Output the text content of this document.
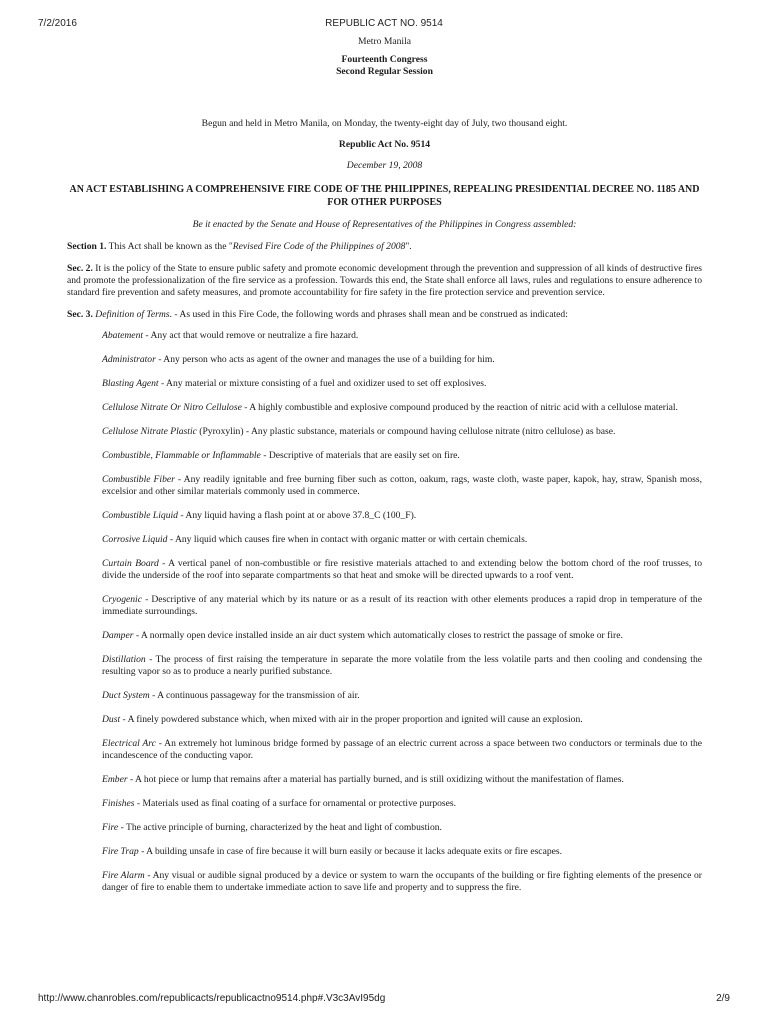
7/2/2016	REPUBLIC ACT NO. 9514

Metro Manila

Fourteenth Congress

Second Regular Session

Begun and held in Metro Manila, on Monday, the twenty-eight day of July, two thousand eight.

Republic Act No. 9514

December 19, 2008

AN ACT ESTABLISHING A COMPREHENSIVE FIRE CODE OF THE PHILIPPINES, REPEALING PRESIDENTIAL DECREE NO. 1185 AND FOR OTHER PURPOSES

Be it enacted by the Senate and House of Representatives of the Philippines in Congress assembled:

Section 1. This Act shall be known as the "Revised Fire Code of the Philippines of 2008".

Sec. 2. It is the policy of the State to ensure public safety and promote economic development through the prevention and suppression of all kinds of destructive fires and promote the professionalization of the fire service as a profession. Towards this end, the State shall enforce all laws, rules and regulations to ensure adherence to standard fire prevention and safety measures, and promote accountability for fire safety in the fire protection service and prevention service.

Sec. 3. Definition of Terms. - As used in this Fire Code, the following words and phrases shall mean and be construed as indicated:

Abatement - Any act that would remove or neutralize a fire hazard.

Administrator - Any person who acts as agent of the owner and manages the use of a building for him.

Blasting Agent - Any material or mixture consisting of a fuel and oxidizer used to set off explosives.

Cellulose Nitrate Or Nitro Cellulose - A highly combustible and explosive compound produced by the reaction of nitric acid with a cellulose material.

Cellulose Nitrate Plastic (Pyroxylin) - Any plastic substance, materials or compound having cellulose nitrate (nitro cellulose) as base.

Combustible, Flammable or Inflammable - Descriptive of materials that are easily set on fire.

Combustible Fiber - Any readily ignitable and free burning fiber such as cotton, oakum, rags, waste cloth, waste paper, kapok, hay, straw, Spanish moss, excelsior and other similar materials commonly used in commerce.

Combustible Liquid - Any liquid having a flash point at or above 37.8_C (100_F).

Corrosive Liquid - Any liquid which causes fire when in contact with organic matter or with certain chemicals.

Curtain Board - A vertical panel of non-combustible or fire resistive materials attached to and extending below the bottom chord of the roof trusses, to divide the underside of the roof into separate compartments so that heat and smoke will be directed upwards to a roof vent.

Cryogenic - Descriptive of any material which by its nature or as a result of its reaction with other elements produces a rapid drop in temperature of the immediate surroundings.

Damper - A normally open device installed inside an air duct system which automatically closes to restrict the passage of smoke or fire.

Distillation - The process of first raising the temperature in separate the more volatile from the less volatile parts and then cooling and condensing the resulting vapor so as to produce a nearly purified substance.

Duct System - A continuous passageway for the transmission of air.

Dust - A finely powdered substance which, when mixed with air in the proper proportion and ignited will cause an explosion.

Electrical Arc - An extremely hot luminous bridge formed by passage of an electric current across a space between two conductors or terminals due to the incandescence of the conducting vapor.

Ember - A hot piece or lump that remains after a material has partially burned, and is still oxidizing without the manifestation of flames.

Finishes - Materials used as final coating of a surface for ornamental or protective purposes.

Fire - The active principle of burning, characterized by the heat and light of combustion.

Fire Trap - A building unsafe in case of fire because it will burn easily or because it lacks adequate exits or fire escapes.

Fire Alarm - Any visual or audible signal produced by a device or system to warn the occupants of the building or fire fighting elements of the presence or danger of fire to enable them to undertake immediate action to save life and property and to suppress the fire.

http://www.chanrobles.com/republicacts/republicactno9514.php#.V3c3AvI95dg	2/9
